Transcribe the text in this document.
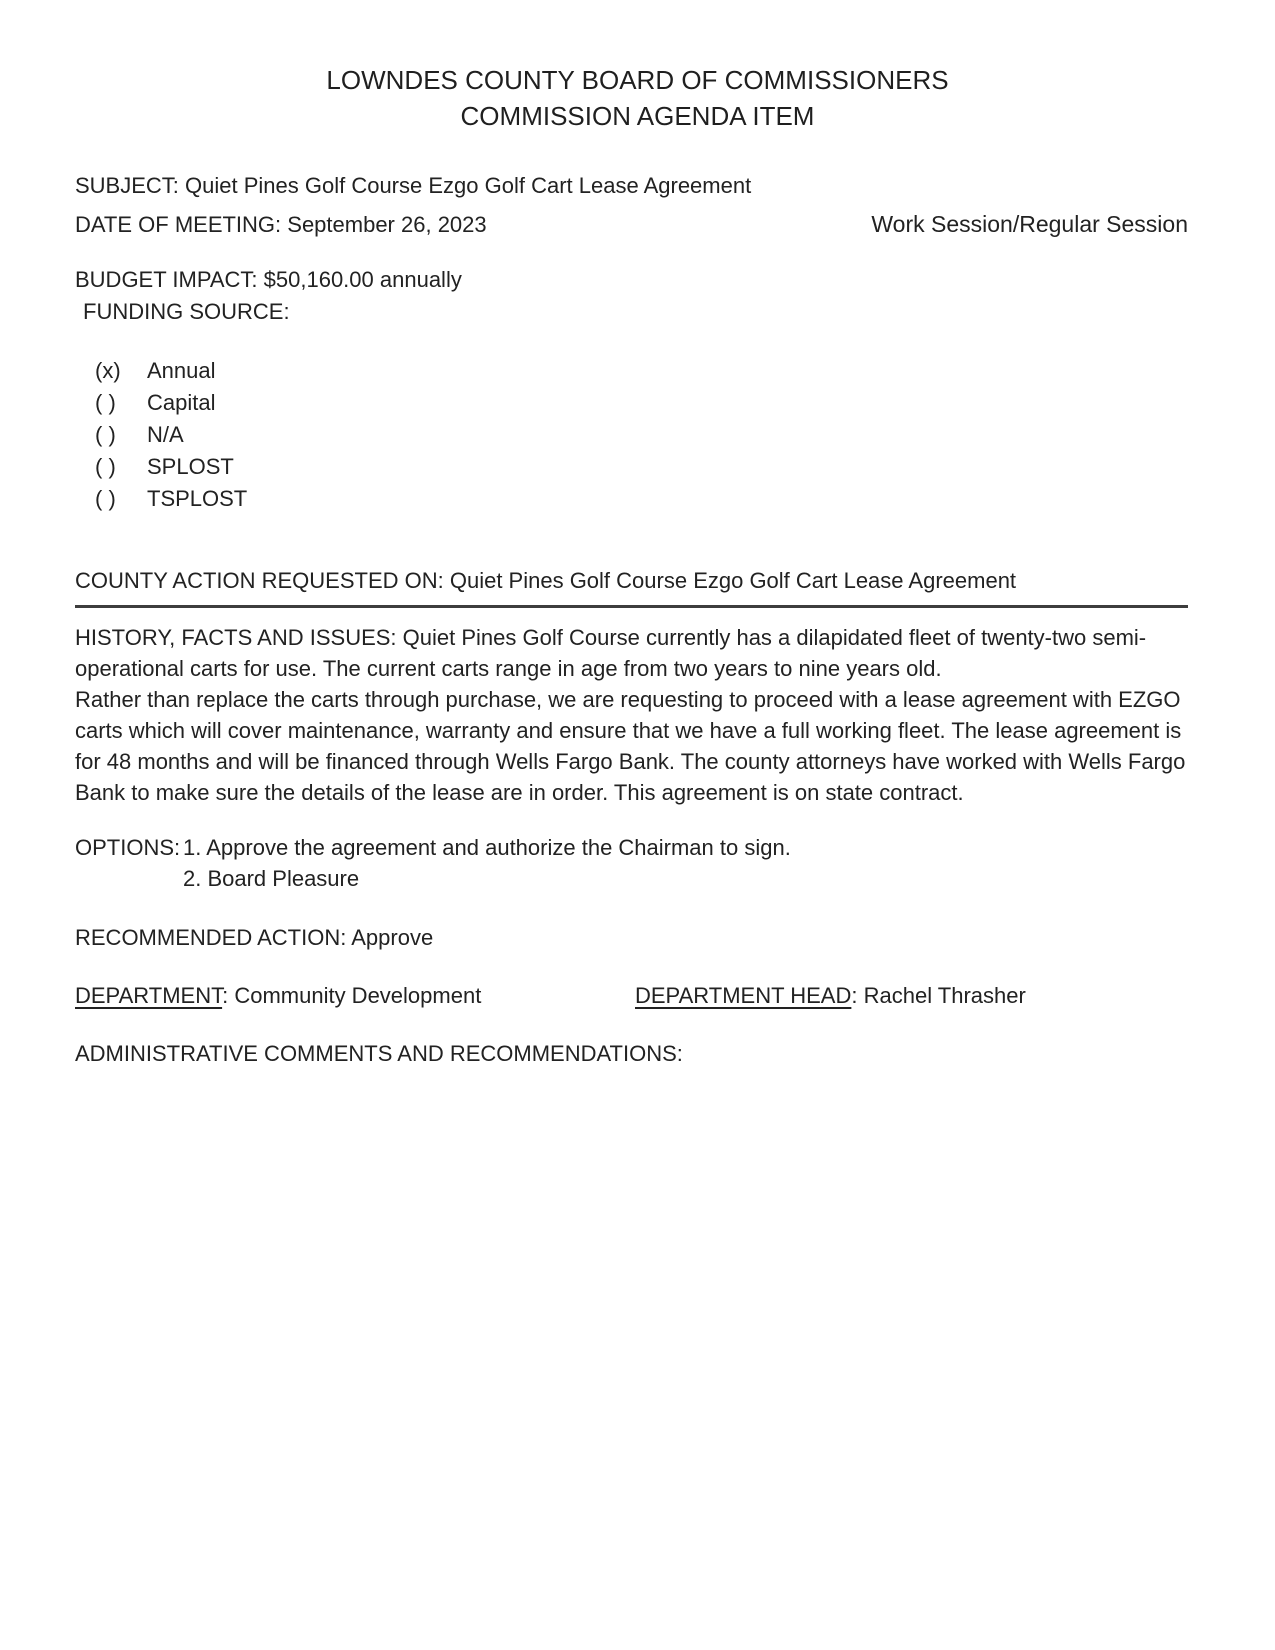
LOWNDES COUNTY BOARD OF COMMISSIONERS
COMMISSION AGENDA ITEM
SUBJECT: Quiet Pines Golf Course Ezgo Golf Cart Lease Agreement
DATE OF MEETING: September 26, 2023	Work Session/Regular Session
BUDGET IMPACT: $50,160.00 annually
FUNDING SOURCE:
(x)	Annual
( )	Capital
( )	N/A
( )	SPLOST
( )	TSPLOST
COUNTY ACTION REQUESTED ON: Quiet Pines Golf Course Ezgo Golf Cart Lease Agreement
HISTORY, FACTS AND ISSUES: Quiet Pines Golf Course currently has a dilapidated fleet of twenty-two semi-operational carts for use. The current carts range in age from two years to nine years old.
Rather than replace the carts through purchase, we are requesting to proceed with a lease agreement with EZGO carts which will cover maintenance, warranty and ensure that we have a full working fleet. The lease agreement is for 48 months and will be financed through Wells Fargo Bank. The county attorneys have worked with Wells Fargo Bank to make sure the details of the lease are in order. This agreement is on state contract.
OPTIONS: 1. Approve the agreement and authorize the Chairman to sign.
2. Board Pleasure
RECOMMENDED ACTION: Approve
DEPARTMENT: Community Development	DEPARTMENT HEAD: Rachel Thrasher
ADMINISTRATIVE COMMENTS AND RECOMMENDATIONS:
